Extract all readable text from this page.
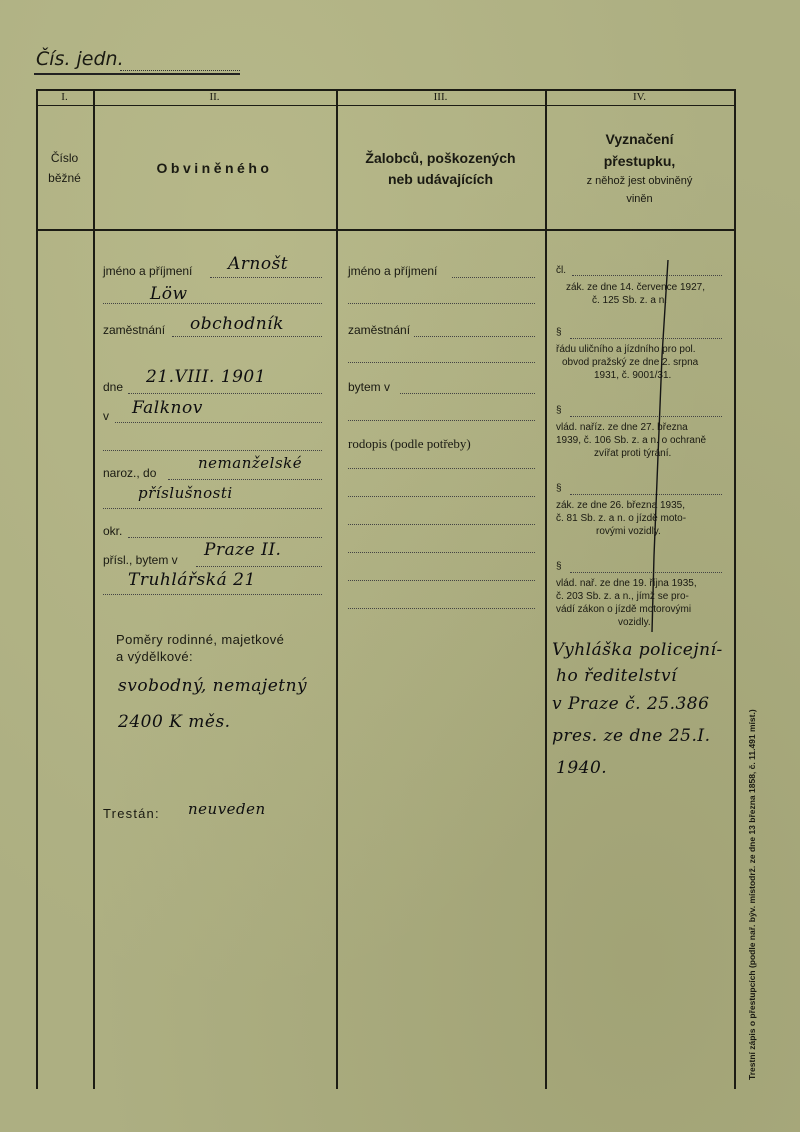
Čís. jedn.
I.	II.	III.	IV.
Číslo
běžné
Obviněného
Žalobců, poškozených
neb udávajících
Vyznačení
přestupku,
z něhož jest obviněný
viněn
jméno a příjmení Arnošt
Löw
zaměstnání obchodník
dne 21.VIII. 1901
v Falknov
naroz., do
nemanželské
příslušnosti
okr.
přísl., bytem v Praze II.
Truhlářská 21
Poměry rodinné, majetkové
a výdělkové:
svobodný, nemajetný
2400 K měs.
Trestán: neuveden
jméno a příjmení
zaměstnání
bytem v
rodopis (podle potřeby)
čl.
zák. ze dne 14. července 1927,
č. 125 Sb. z. a n.
§
řádu uličního a jízdního pro pol.
obvod pražský ze dne 2. srpna
1931, č. 9001/31.
§
vlád. naříz. ze dne 27. března
1939, č. 106 Sb. z. a n. o ochraně
zvířat proti týrání.
§
zák. ze dne 26. března 1935,
č. 81 Sb. z. a n. o jízdě moto-
rovými vozidly.
§
vlád. nař. ze dne 19. října 1935,
č. 203 Sb. z. a n., jímž se pro-
vádí zákon o jízdě motorovými
vozidly.
Vyhláška policejní-
ho ředitelství
v Praze č. 25.386
pres. ze dne 25.I.
1940.	Trestní zápis o přestupcích (podle nař. býv. místodrž. ze dne 13 března 1858, č. 11.491 míst.)
